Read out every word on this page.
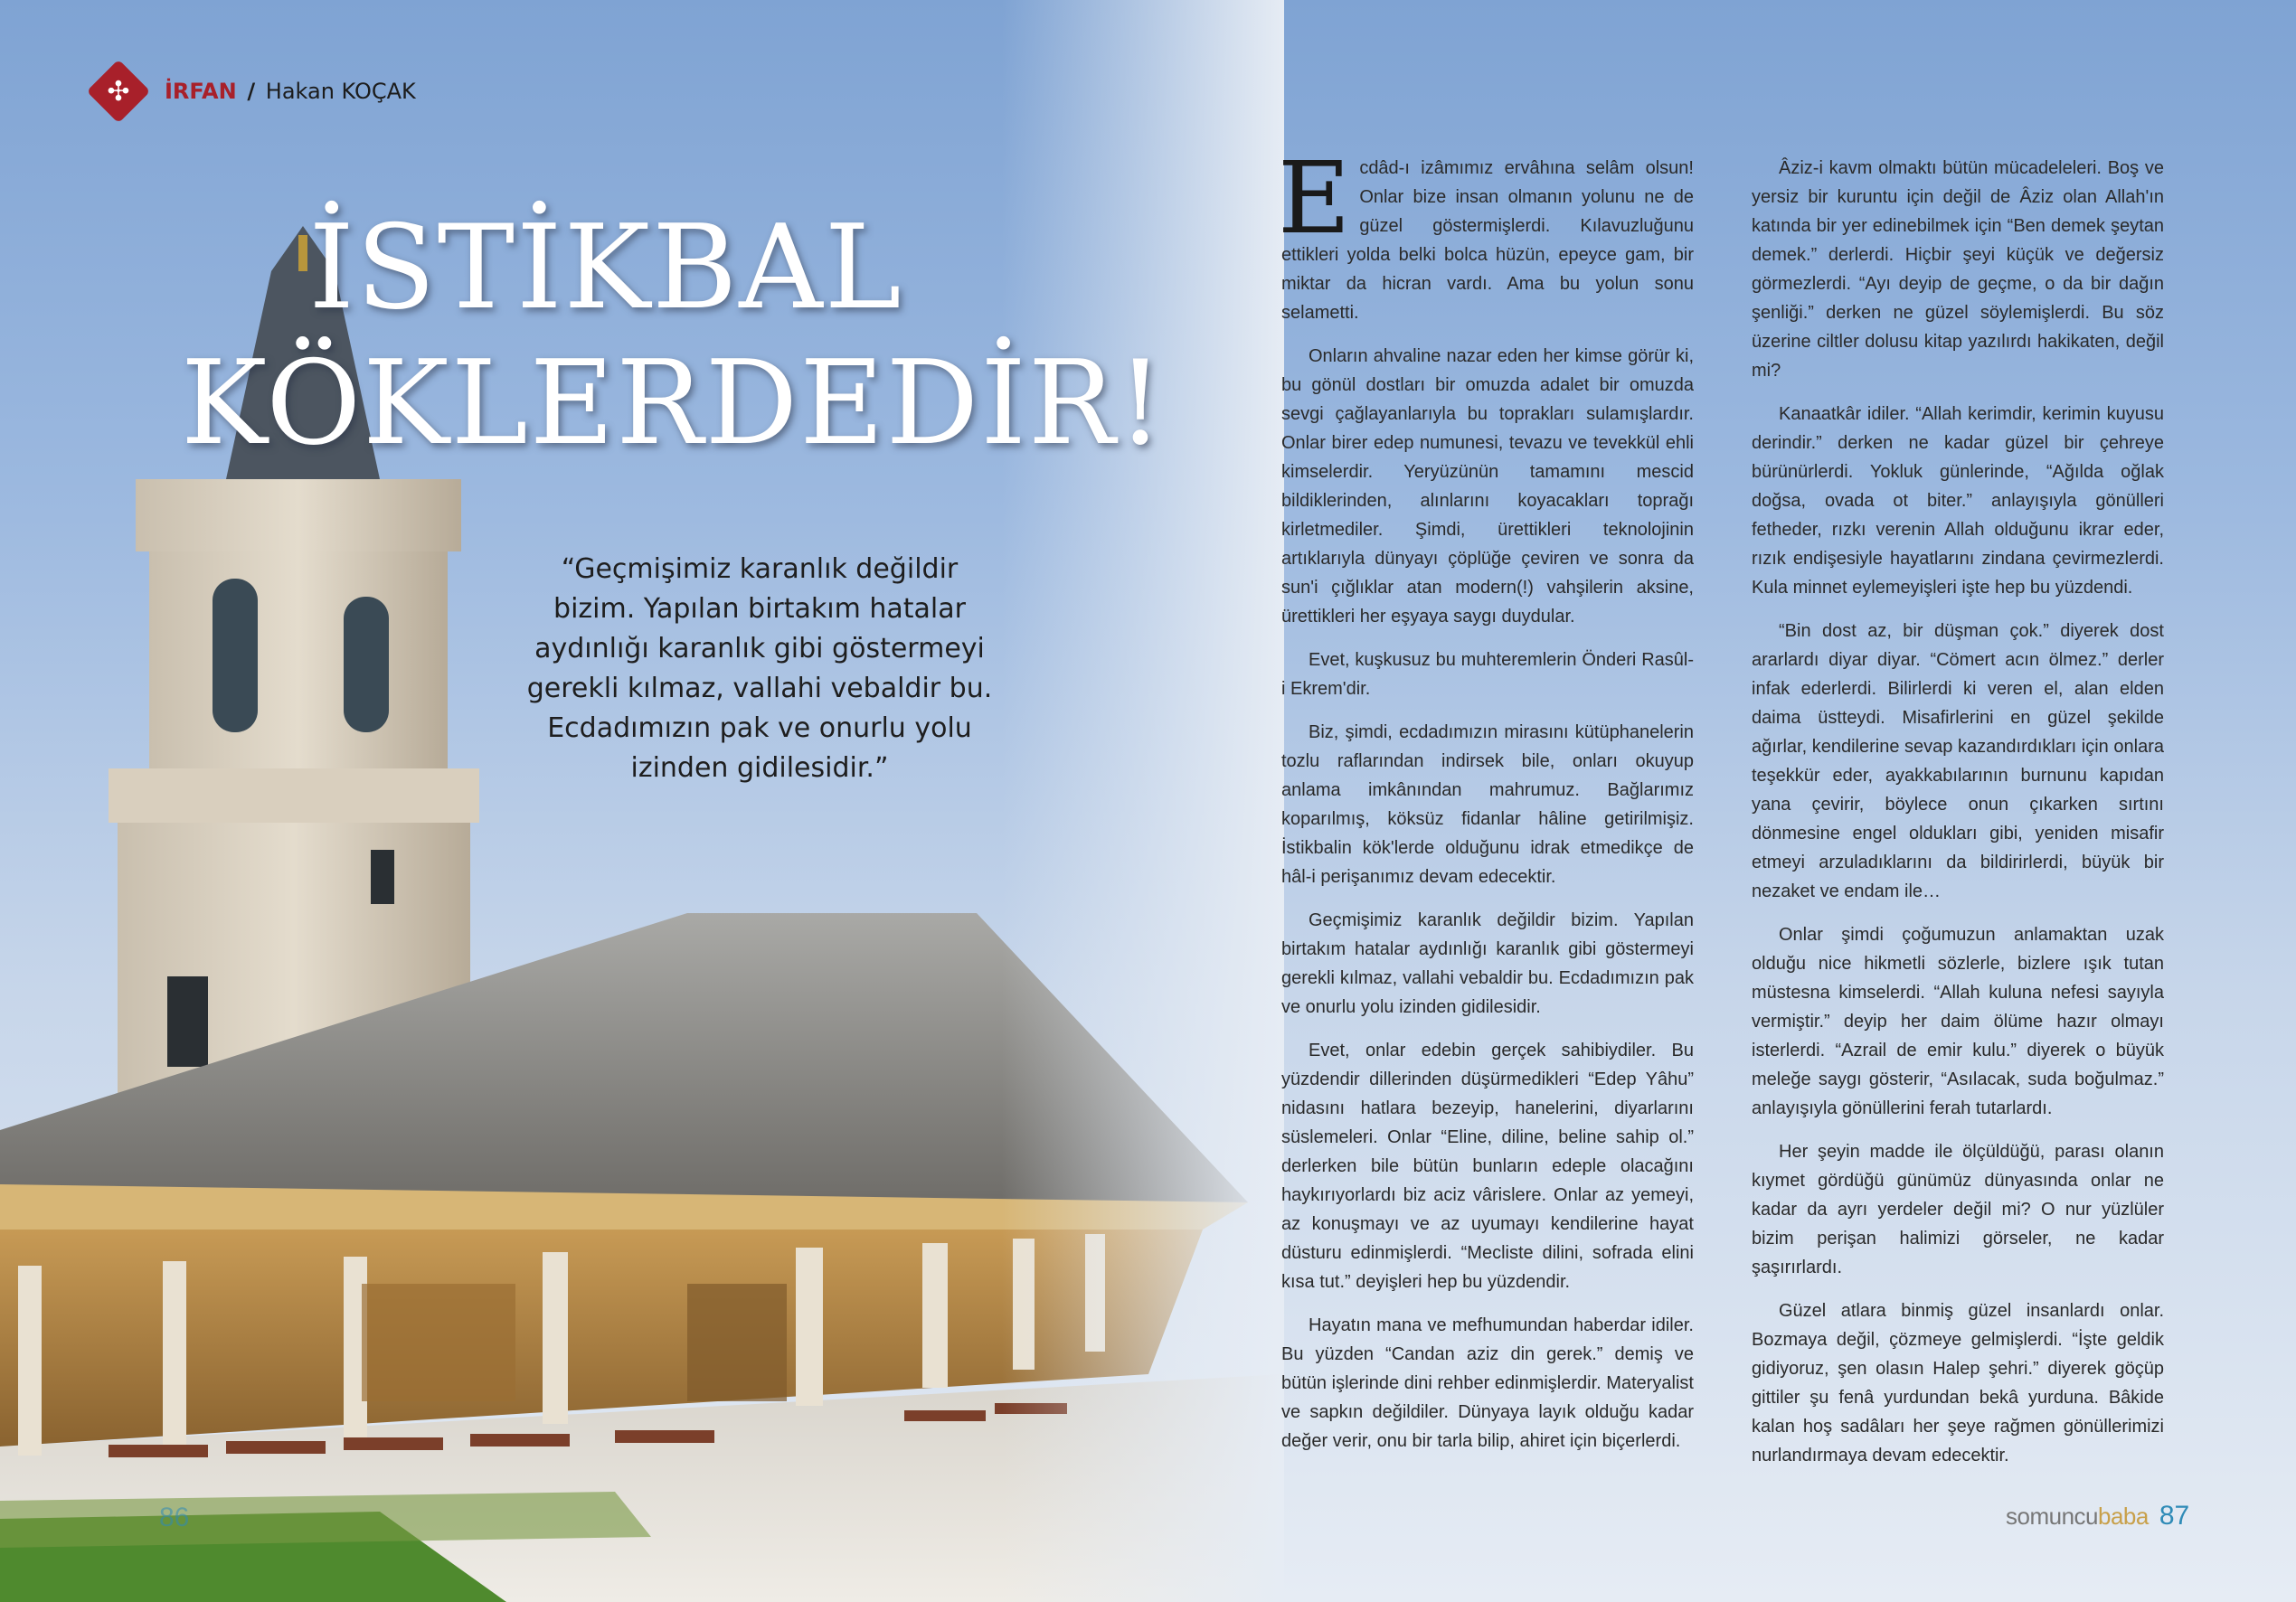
✣	İRFAN / Hakan KOÇAK
İSTİKBAL
KÖKLERDEDİR!
“Geçmişimiz karanlık değildir bizim. Yapılan birtakım hatalar aydınlığı karanlık gibi göstermeyi gerekli kılmaz, vallahi vebaldir bu. Ecdadımızın pak ve onurlu yolu izinden gidilesidir.”

Ecdâd-ı izâmımız ervâhına selâm olsun! Onlar bize insan olmanın yolunu ne de güzel göstermişlerdi. Kılavuzluğunu ettikleri yolda belki bolca hüzün, epeyce gam, bir miktar da hicran vardı. Ama bu yolun sonu selametti.

Onların ahvaline nazar eden her kimse görür ki, bu gönül dostları bir omuzda adalet bir omuzda sevgi çağlayanlarıyla bu toprakları sulamışlardır. Onlar birer edep numunesi, tevazu ve tevekkül ehli kimselerdir. Yeryüzünün tamamını mescid bildiklerinden, alınlarını koyacakları toprağı kirletmediler. Şimdi, ürettikleri teknolojinin artıklarıyla dünyayı çöplüğe çeviren ve sonra da sun'i çığlıklar atan modern(!) vahşilerin aksine, ürettikleri her eşyaya saygı duydular.

Evet, kuşkusuz bu muhteremlerin Önderi Rasûl-i Ekrem'dir.

Biz, şimdi, ecdadımızın mirasını kütüphanelerin tozlu raflarından indirsek bile, onları okuyup anlama imkânından mahrumuz. Bağlarımız koparılmış, köksüz fidanlar hâline getirilmişiz. İstikbalin kök'lerde olduğunu idrak etmedikçe de hâl-i perişanımız devam edecektir.

Geçmişimiz karanlık değildir bizim. Yapılan birtakım hatalar aydınlığı karanlık gibi göstermeyi gerekli kılmaz, vallahi vebaldir bu. Ecdadımızın pak ve onurlu yolu izinden gidilesidir.

Evet, onlar edebin gerçek sahibiydiler. Bu yüzdendir dillerinden düşürmedikleri “Edep Yâhu” nidasını hatlara bezeyip, hanelerini, diyarlarını süslemeleri. Onlar “Eline, diline, beline sahip ol.” derlerken bile bütün bunların edeple olacağını haykırıyorlardı biz aciz vârislere. Onlar az yemeyi, az konuşmayı ve az uyumayı kendilerine hayat düsturu edinmişlerdi. “Mecliste dilini, sofrada elini kısa tut.” deyişleri hep bu yüzdendir.

Hayatın mana ve mefhumundan haberdar idiler. Bu yüzden “Candan aziz din gerek.” demiş ve bütün işlerinde dini rehber edinmişlerdir. Materyalist ve sapkın değildiler. Dünyaya layık olduğu kadar değer verir, onu bir tarla bilip, ahiret için biçerlerdi.

Âziz-i kavm olmaktı bütün mücadeleleri. Boş ve yersiz bir kuruntu için değil de Âziz olan Allah'ın katında bir yer edinebilmek için “Ben demek şeytan demek.” derlerdi. Hiçbir şeyi küçük ve değersiz görmezlerdi. “Ayı deyip de geçme, o da bir dağın şenliği.” derken ne güzel söylemişlerdi. Bu söz üzerine ciltler dolusu kitap yazılırdı hakikaten, değil mi?

Kanaatkâr idiler. “Allah kerimdir, kerimin kuyusu derindir.” derken ne kadar güzel bir çehreye bürünürlerdi. Yokluk günlerinde, “Ağılda oğlak doğsa, ovada ot biter.” anlayışıyla gönülleri fetheder, rızkı verenin Allah olduğunu ikrar eder, rızık endişesiyle hayatlarını zindana çevirmezlerdi. Kula minnet eylemeyişleri işte hep bu yüzdendi.

“Bin dost az, bir düşman çok.” diyerek dost ararlardı diyar diyar. “Cömert acın ölmez.” derler infak ederlerdi. Bilirlerdi ki veren el, alan elden daima üstteydi. Misafirlerini en güzel şekilde ağırlar, kendilerine sevap kazandırdıkları için onlara teşekkür eder, ayakkabılarının burnunu kapıdan yana çevirir, böylece onun çıkarken sırtını dönmesine engel oldukları gibi, yeniden misafir etmeyi arzuladıklarını da bildirirlerdi, büyük bir nezaket ve endam ile…

Onlar şimdi çoğumuzun anlamaktan uzak olduğu nice hikmetli sözlerle, bizlere ışık tutan müstesna kimselerdi. “Allah kuluna nefesi sayıyla vermiştir.” deyip her daim ölüme hazır olmayı isterlerdi. “Azrail de emir kulu.” diyerek o büyük meleğe saygı gösterir, “Asılacak, suda boğulmaz.” anlayışıyla gönüllerini ferah tutarlardı.

Her şeyin madde ile ölçüldüğü, parası olanın kıymet gördüğü günümüz dünyasında onlar ne kadar da ayrı yerdeler değil mi? O nur yüzlüler bizim perişan halimizi görseler, ne kadar şaşırırlardı.

Güzel atlara binmiş güzel insanlardı onlar. Bozmaya değil, çözmeye gelmişlerdi. “İşte geldik gidiyoruz, şen olasın Halep şehri.” diyerek göçüp gittiler şu fenâ yurdundan bekâ yurduna. Bâkide kalan hoş sadâları her şeye rağmen gönüllerimizi nurlandırmaya devam edecektir.

86	somuncubaba 87
